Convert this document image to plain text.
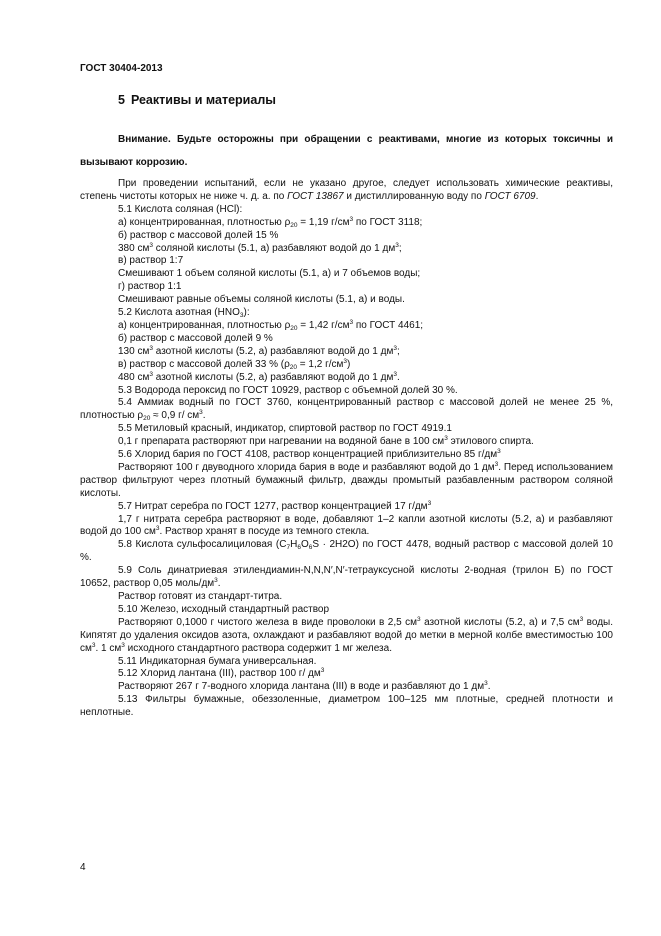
ГОСТ 30404-2013
5 Реактивы и материалы

Внимание. Будьте осторожны при обращении с реактивами, многие из которых токсичны и вызывают коррозию.

При проведении испытаний, если не указано другое, следует использовать химические реактивы, степень чистоты которых не ниже ч. д. а. по ГОСТ 13867 и дистиллированную воду по ГОСТ 6709.

5.1 Кислота соляная (HCl):

а) концентрированная, плотностью $\rho_{20} = 1,19$ $г/см^3$ по ГОСТ 3118;

б) раствор с массовой долей 15 %

380 $см^3$ соляной кислоты (5.1, а) разбавляют водой до 1 $дм^3$;

в) раствор 1:7

Смешивают 1 объем соляной кислоты (5.1, а) и 7 объемов воды;

г) раствор 1:1

Смешивают равные объемы соляной кислоты (5.1, а) и воды.

5.2 Кислота азотная $(HNO_3)$:

а) концентрированная, плотностью $\rho_{20} = 1,42$ $г/см^3$ по ГОСТ 4461;

б) раствор с массовой долей 9 %

130 $см^3$ азотной кислоты (5.2, а) разбавляют водой до 1 $дм^3$;

в) раствор с массовой долей 33 % ($\rho_{20} = 1,2$ $г/см^3$)

480 $см^3$ азотной кислоты (5.2, а) разбавляют водой до 1 $дм^3$.

5.3 Водорода пероксид по ГОСТ 10929, раствор с объемной долей 30 %.

5.4 Аммиак водный по ГОСТ 3760, концентрированный раствор с массовой долей не менее 25 %, плотностью $\rho_{20} \approx 0,9$ г/ $см^3$.

5.5 Метиловый красный, индикатор, спиртовой раствор по ГОСТ 4919.1

0,1 г препарата растворяют при нагревании на водяной бане в 100 $см^3$ этилового спирта.

5.6 Хлорид бария по ГОСТ 4108, раствор концентрацией приблизительно 85 $г/дм^3$

Растворяют 100 г двуводного хлорида бария в воде и разбавляют водой до 1 $дм^3$. Перед использованием раствор фильтруют через плотный бумажный фильтр, дважды промытый разбавленным раствором соляной кислоты.

5.7 Нитрат серебра по ГОСТ 1277, раствор концентрацией 17 $г/дм^3$

1,7 г нитрата серебра растворяют в воде, добавляют 1–2 капли азотной кислоты (5.2, а) и разбавляют водой до 100 $см^3$. Раствор хранят в посуде из темного стекла.

5.8 Кислота сульфосалициловая $(C_7H_6O_6S \cdot 2H2O)$ по ГОСТ 4478, водный раствор с массовой долей 10 %.

5.9 Соль динатриевая этилендиамин-N,N,N′,N′-тетрауксусной кислоты 2-водная (трилон Б) по ГОСТ 10652, раствор 0,05 моль/$дм^3$.

Раствор готовят из стандарт-титра.

5.10 Железо, исходный стандартный раствор

Растворяют 0,1000 г чистого железа в виде проволоки в 2,5 $см^3$ азотной кислоты (5.2, а) и 7,5 $см^3$ воды. Кипятят до удаления оксидов азота, охлаждают и разбавляют водой до метки в мерной колбе вместимостью 100 $см^3$. 1 $см^3$ исходного стандартного раствора содержит 1 мг железа.

5.11 Индикаторная бумага универсальная.

5.12 Хлорид лантана (III), раствор 100 г/ $дм^3$

Растворяют 267 г 7-водного хлорида лантана (III) в воде и разбавляют до 1 $дм^3$.

5.13 Фильтры бумажные, обеззоленные, диаметром 100–125 мм плотные, средней плотности и неплотные.

4
